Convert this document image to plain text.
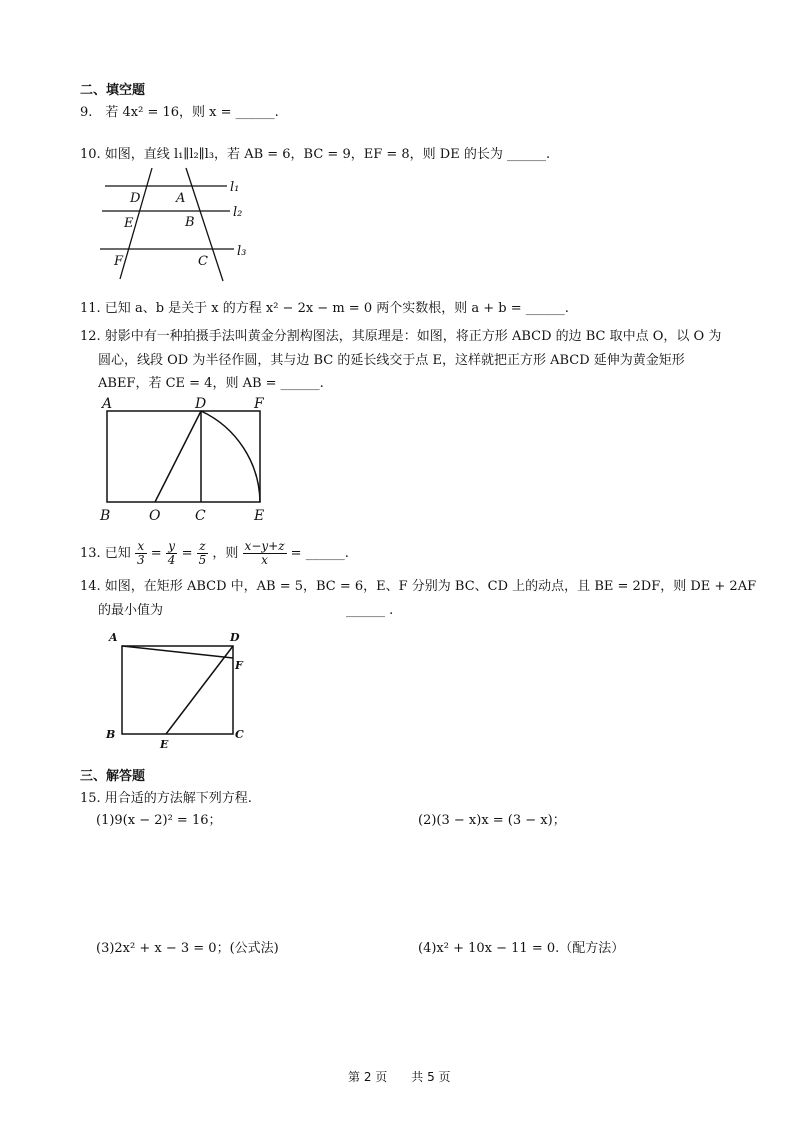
二、填空题
9.　若 4x² = 16，则 x = ______.
10. 如图，直线 l₁∥l₂∥l₃，若 AB = 6，BC = 9，EF = 8，则 DE 的长为 ______.
D	A
E	B
F	C
l₁
l₂
l₃
11. 已知 a、b 是关于 x 的方程 x² − 2x − m = 0 两个实数根，则 a + b = ______.
12. 射影中有一种拍摄手法叫黄金分割构图法，其原理是：如图，将正方形 ABCD 的边 BC 取中点 O，以 O 为
圆心，线段 OD 为半径作圆，其与边 BC 的延长线交于点 E，这样就把正方形 ABCD 延伸为黄金矩形
ABEF，若 CE = 4，则 AB = ______.
A	D	F
B	O C	E
13. 已知 $\frac{x}{3} = \frac{y}{4} = \frac{z}{5}$ ，则 $\frac{x-y+z}{x}$ = ______.
14. 如图，在矩形 ABCD 中，AB = 5，BC = 6，E、F 分别为 BC、CD 上的动点，且 BE = 2DF，则 DE + 2AF
的最小值为	______ .
A	D
F
B
E
C
三、解答题
15. 用合适的方法解下列方程.
(1)9(x − 2)² = 16；	(2)(3 − x)x = (3 − x)；
(3)2x² + x − 3 = 0；(公式法)	(4)x² + 10x − 11 = 0.（配方法）
第 2 页　　共 5 页
